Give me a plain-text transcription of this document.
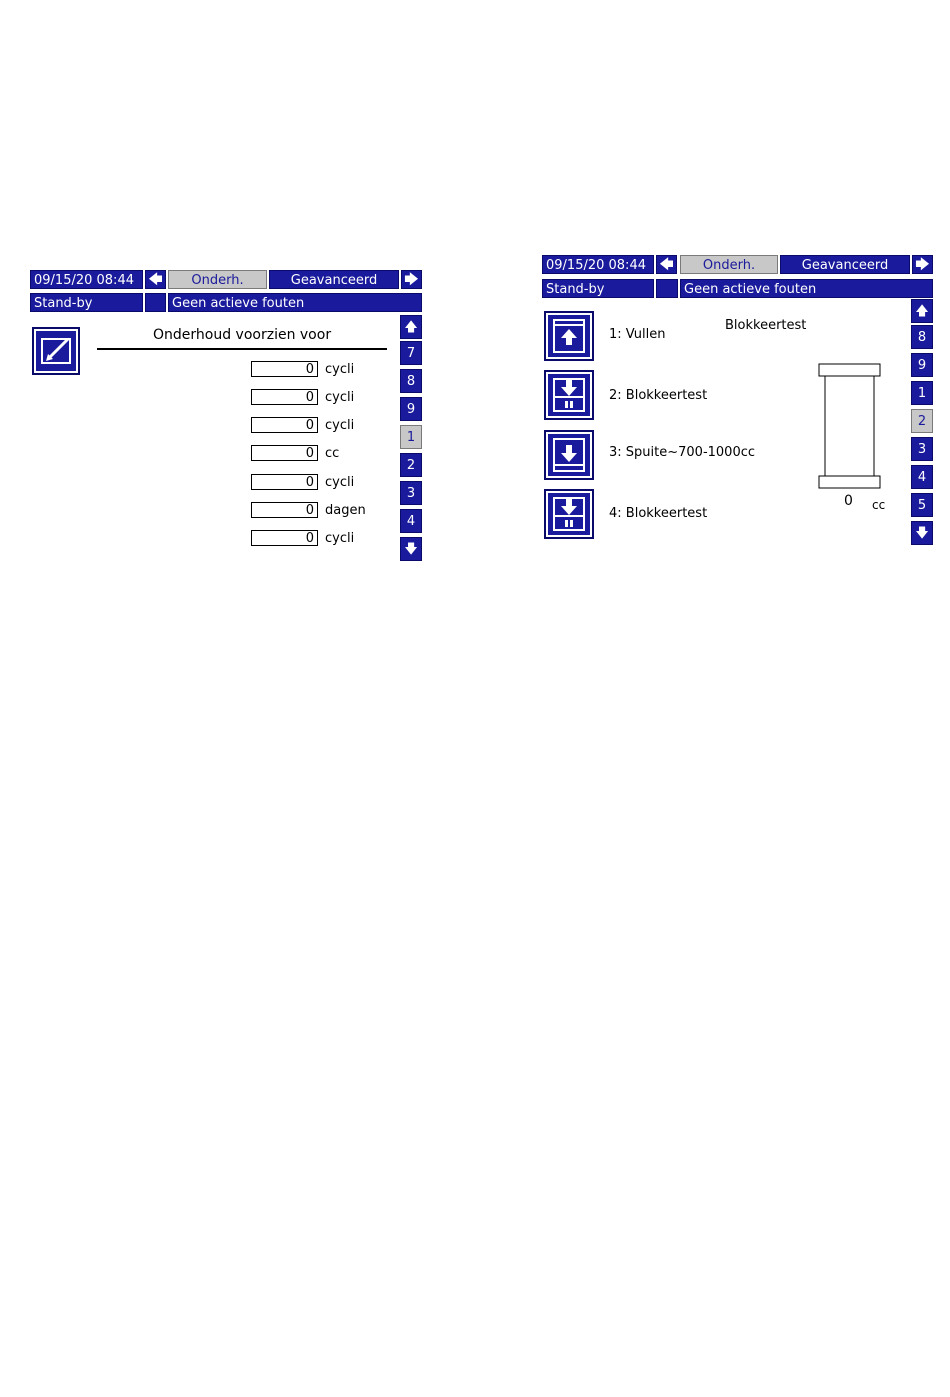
09/15/20 08:44	🡄	Onderh.	Geavanceerd	🡆
Stand-by	Geen actieve fouten
Onderhoud voorzien voor
0 cycli
0 cycli
0 cycli
0 cc
0 cycli
0 dagen
0 cycli
🡅
7
8
9
1
2
3
4
🡇
09/15/20 08:44 🡄	Onderh.	Geavanceerd	🡆
Stand-by	Geen actieve fouten
Blokkeertest
1: Vullen
2: Blokkeertest
3: Spuite~700-1000cc
4: Blokkeertest
0 cc
🡅
8
9
1
2
3
4
5
🡇
